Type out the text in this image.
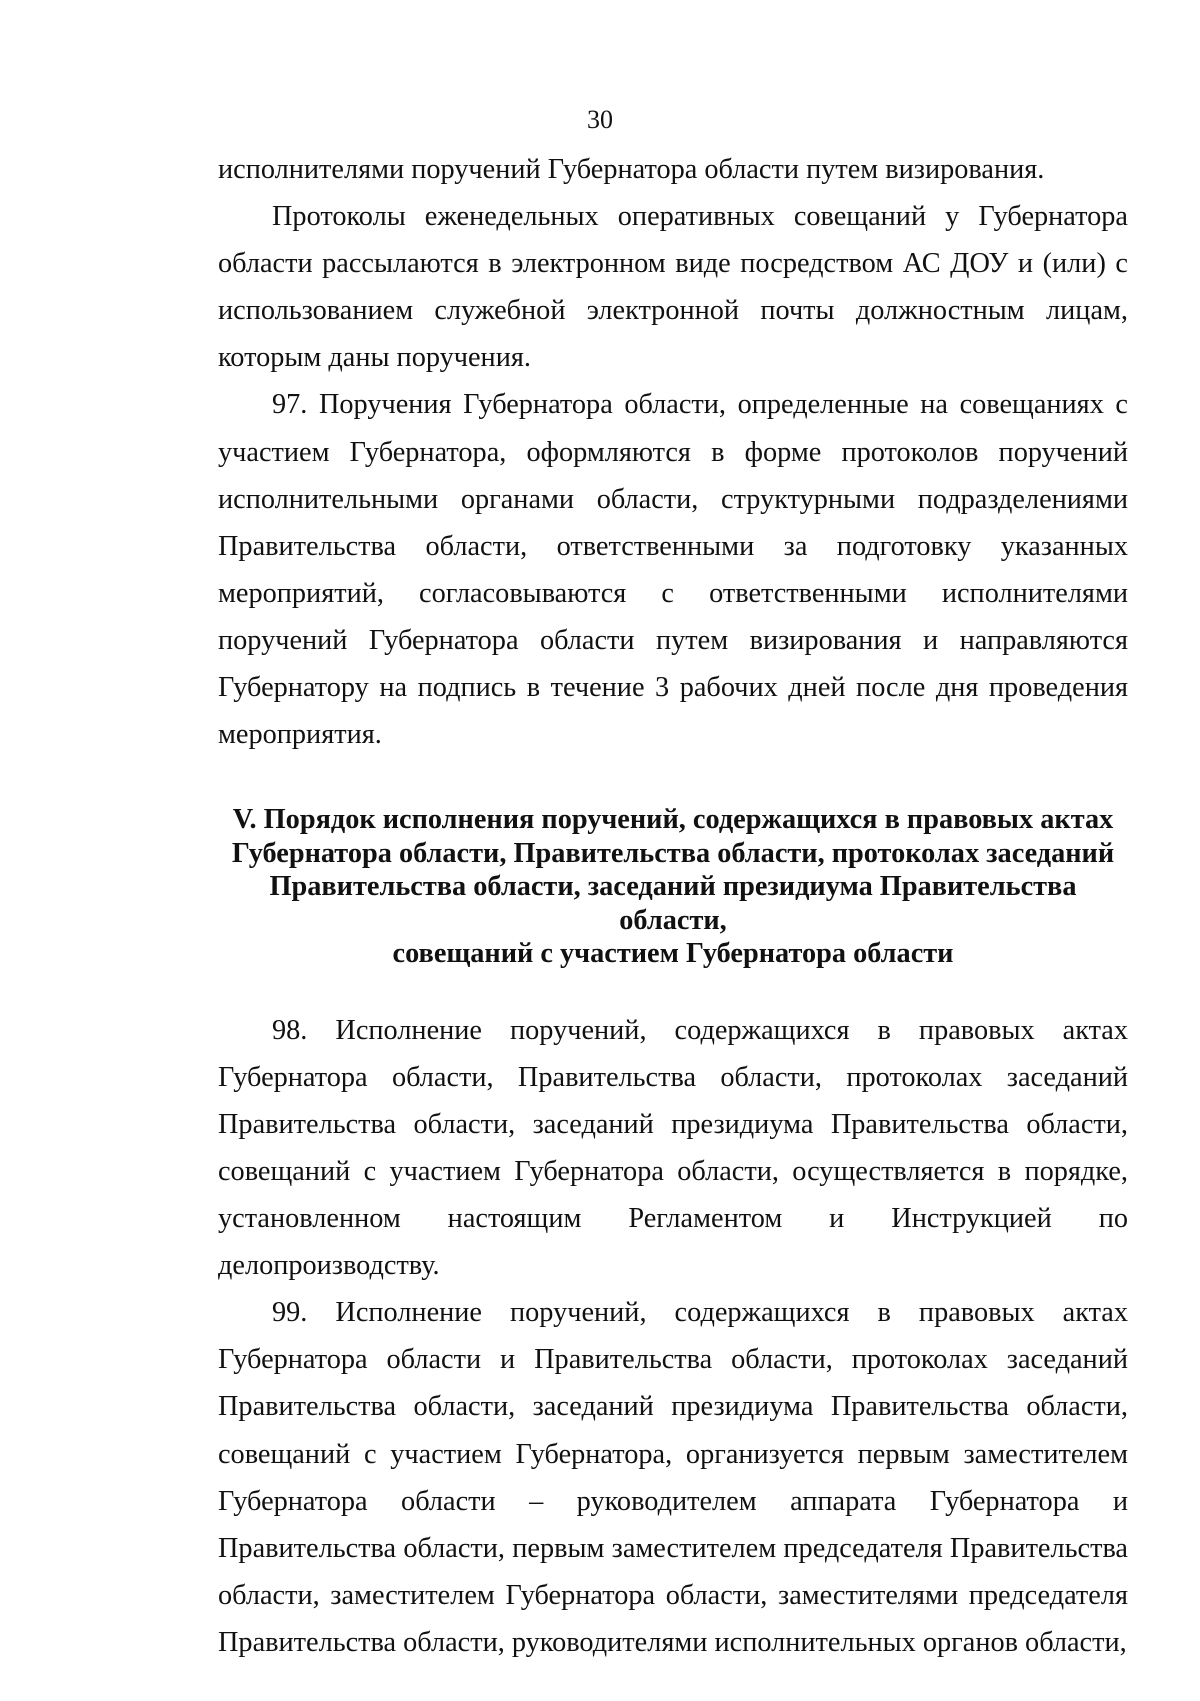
30

исполнителями поручений Губернатора области путем визирования.

Протоколы еженедельных оперативных совещаний у Губернатора области рассылаются в электронном виде посредством АС ДОУ и (или) с использованием служебной электронной почты должностным лицам, которым даны поручения.

97. Поручения Губернатора области, определенные на совещаниях с участием Губернатора, оформляются в форме протоколов поручений исполнительными органами области, структурными подразделениями Правительства области, ответственными за подготовку указанных мероприятий, согласовываются с ответственными исполнителями поручений Губернатора области путем визирования и направляются Губернатору на подпись в течение 3 рабочих дней после дня проведения мероприятия.

V. Порядок исполнения поручений, содержащихся в правовых актах
Губернатора области, Правительства области, протоколах заседаний
Правительства области, заседаний президиума Правительства области,
совещаний с участием Губернатора области

98. Исполнение поручений, содержащихся в правовых актах Губернатора области, Правительства области, протоколах заседаний Правительства области, заседаний президиума Правительства области, совещаний с участием Губернатора области, осуществляется в порядке, установленном настоящим Регламентом и Инструкцией по делопроизводству.

99. Исполнение поручений, содержащихся в правовых актах Губернатора области и Правительства области, протоколах заседаний Правительства области, заседаний президиума Правительства области, совещаний с участием Губернатора, организуется первым заместителем Губернатора области – руководителем аппарата Губернатора и Правительства области, первым заместителем председателя Правительства области, заместителем Губернатора области, заместителями председателя Правительства области, руководителями исполнительных органов области,
